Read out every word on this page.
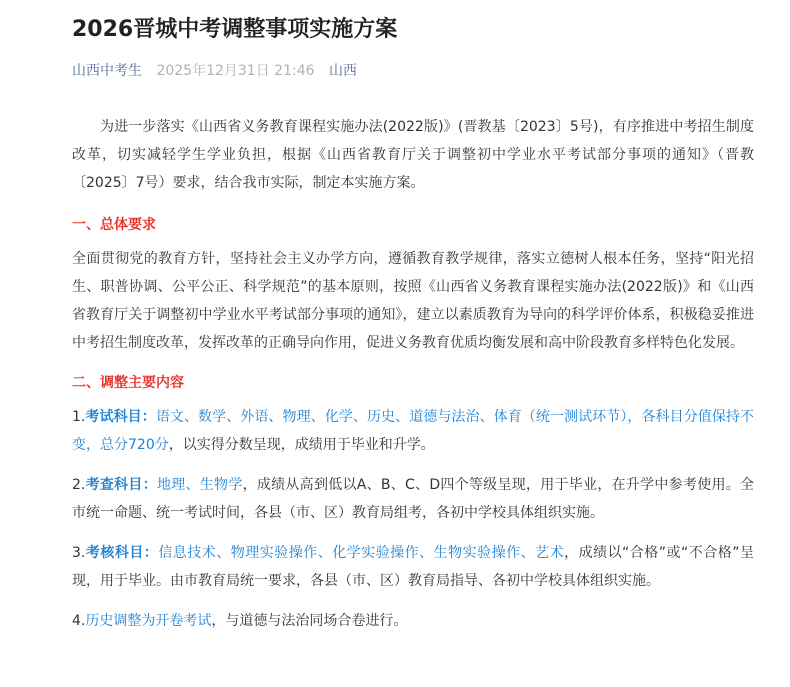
2026晋城中考调整事项实施方案
山西中考生 2025年12月31日 21:46 山西

为进一步落实《山西省义务教育课程实施办法(2022版)》(晋教基〔2023〕5号)，有序推进中考招生制度改革，切实减轻学生学业负担，根据《山西省教育厅关于调整初中学业水平考试部分事项的通知》（晋教〔2025〕7号）要求，结合我市实际，制定本实施方案。

一、总体要求

全面贯彻党的教育方针，坚持社会主义办学方向，遵循教育教学规律，落实立德树人根本任务，坚持“阳光招生、职普协调、公平公正、科学规范”的基本原则，按照《山西省义务教育课程实施办法(2022版)》和《山西省教育厅关于调整初中学业水平考试部分事项的通知》，建立以素质教育为导向的科学评价体系，积极稳妥推进中考招生制度改革，发挥改革的正确导向作用，促进义务教育优质均衡发展和高中阶段教育多样特色化发展。

二、调整主要内容

1.考试科目：语文、数学、外语、物理、化学、历史、道德与法治、体育（统一测试环节），各科目分值保持不变，总分720分，以实得分数呈现，成绩用于毕业和升学。

2.考查科目：地理、生物学，成绩从高到低以A、B、C、D四个等级呈现，用于毕业，在升学中参考使用。全市统一命题、统一考试时间，各县（市、区）教育局组考，各初中学校具体组织实施。

3.考核科目：信息技术、物理实验操作、化学实验操作、生物实验操作、艺术，成绩以“合格”或“不合格”呈现，用于毕业。由市教育局统一要求，各县（市、区）教育局指导、各初中学校具体组织实施。

4.历史调整为开卷考试，与道德与法治同场合卷进行。
